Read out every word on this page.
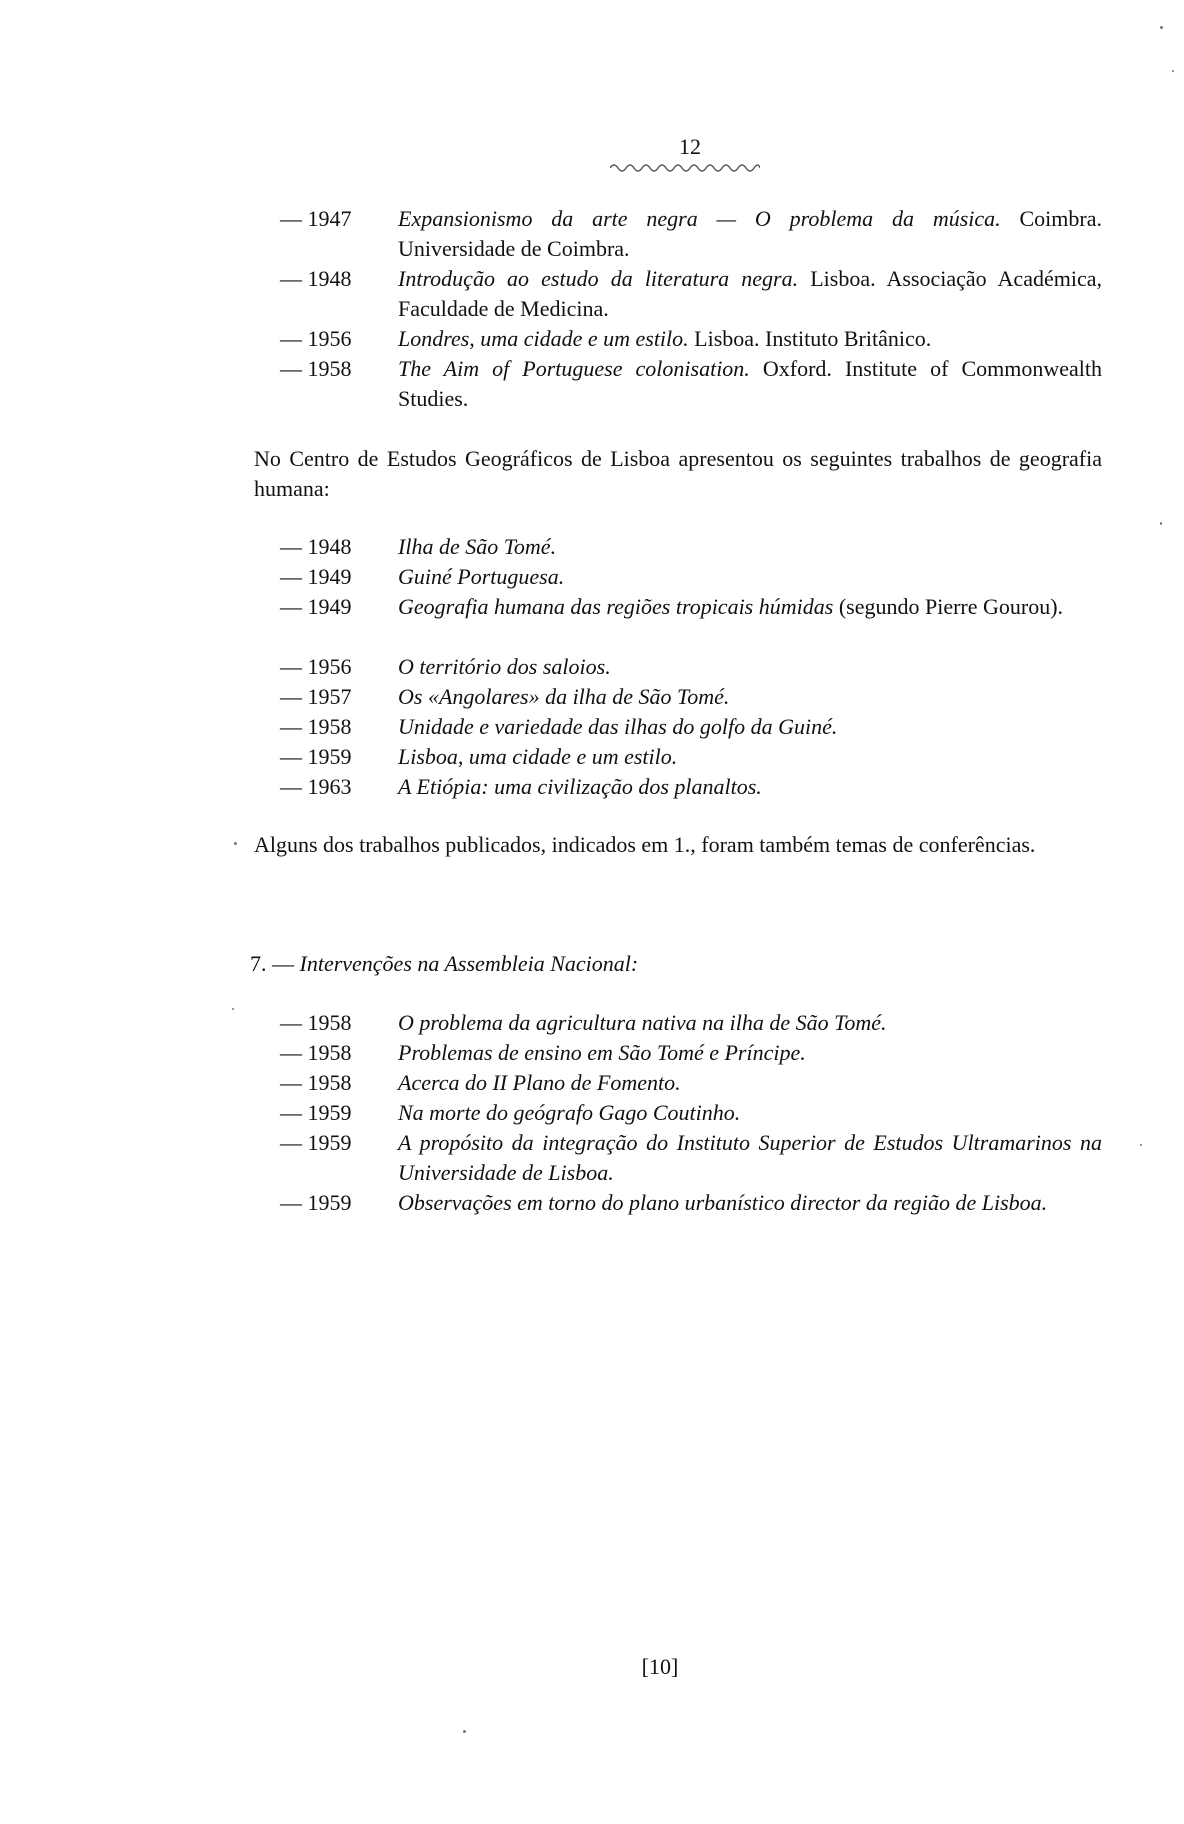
12
— 1947	Expansionismo da arte negra — O problema da música. Coimbra. Universidade de Coimbra.
— 1948	Introdução ao estudo da literatura negra. Lisboa. Associação Académica, Faculdade de Medicina.
— 1956	Londres, uma cidade e um estilo. Lisboa. Instituto Britânico.
— 1958	The Aim of Portuguese colonisation. Oxford. Institute of Commonwealth Studies.
No Centro de Estudos Geográficos de Lisboa apresentou os seguintes trabalhos de geografia humana:
— 1948	Ilha de São Tomé.
— 1949	Guiné Portuguesa.
— 1949	Geografia humana das regiões tropicais húmidas (segundo Pierre Gourou).
— 1956	O território dos saloios.
— 1957	Os «Angolares» da ilha de São Tomé.
— 1958	Unidade e variedade das ilhas do golfo da Guiné.
— 1959	Lisboa, uma cidade e um estilo.
— 1963	A Etiópia: uma civilização dos planaltos.
Alguns dos trabalhos publicados, indicados em 1., foram também temas de conferências.
7. — Intervenções na Assembleia Nacional:
— 1958	O problema da agricultura nativa na ilha de São Tomé.
— 1958	Problemas de ensino em São Tomé e Príncipe.
— 1958	Acerca do II Plano de Fomento.
— 1959	Na morte do geógrafo Gago Coutinho.
— 1959	A propósito da integração do Instituto Superior de Estudos Ultramarinos na Universidade de Lisboa.
— 1959	Observações em torno do plano urbanístico director da região de Lisboa.
[10]
